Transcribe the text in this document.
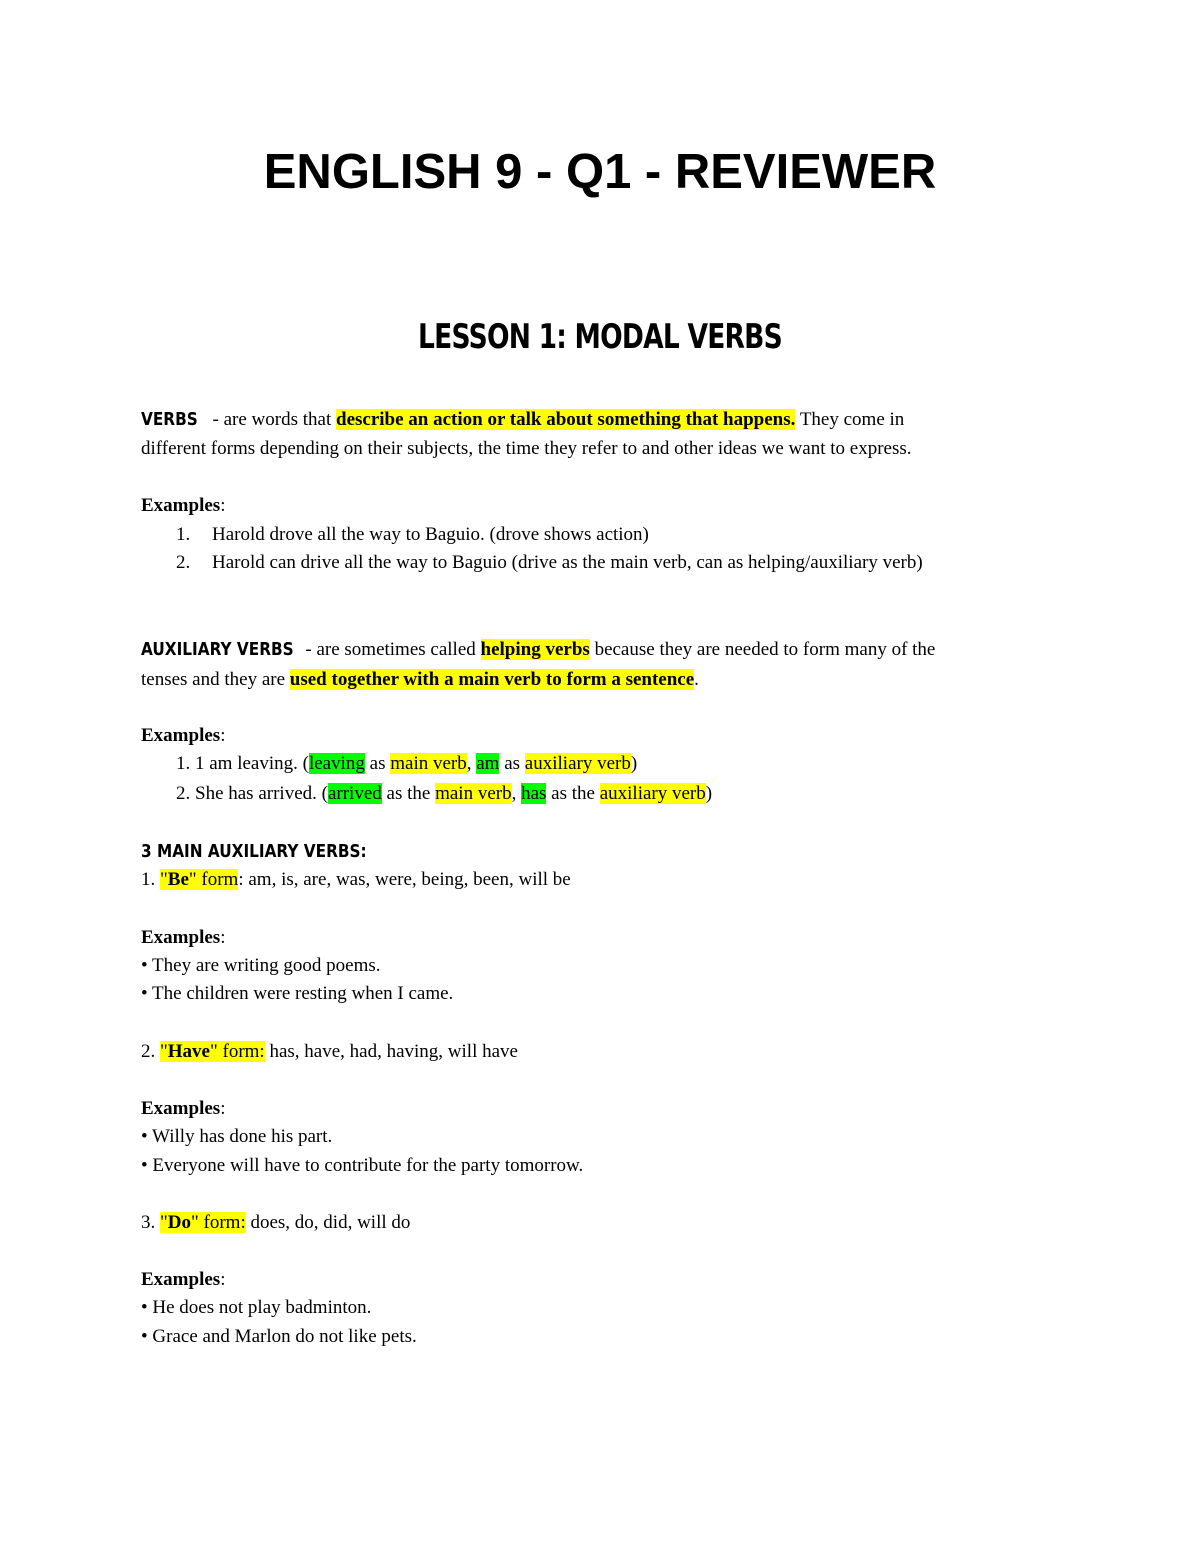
ENGLISH 9 - Q1 - REVIEWER
LESSON 1: MODAL VERBS
VERBS - are words that describe an action or talk about something that happens. They come in
different forms depending on their subjects, the time they refer to and other ideas we want to express.
Examples:
1. Harold drove all the way to Baguio. (drove shows action)
2. Harold can drive all the way to Baguio (drive as the main verb, can as helping/auxiliary verb)
AUXILIARY VERBS - are sometimes called helping verbs because they are needed to form many of the
tenses and they are used together with a main verb to form a sentence.
Examples:
1. 1 am leaving. (leaving as main verb, am as auxiliary verb)
2. She has arrived. (arrived as the main verb, has as the auxiliary verb)
3 MAIN AUXILIARY VERBS:
1. "Be" form: am, is, are, was, were, being, been, will be
Examples:
• They are writing good poems.
• The children were resting when I came.
2. "Have" form: has, have, had, having, will have
Examples:
• Willy has done his part.
• Everyone will have to contribute for the party tomorrow.
3. "Do" form: does, do, did, will do
Examples:
• He does not play badminton.
• Grace and Marlon do not like pets.
